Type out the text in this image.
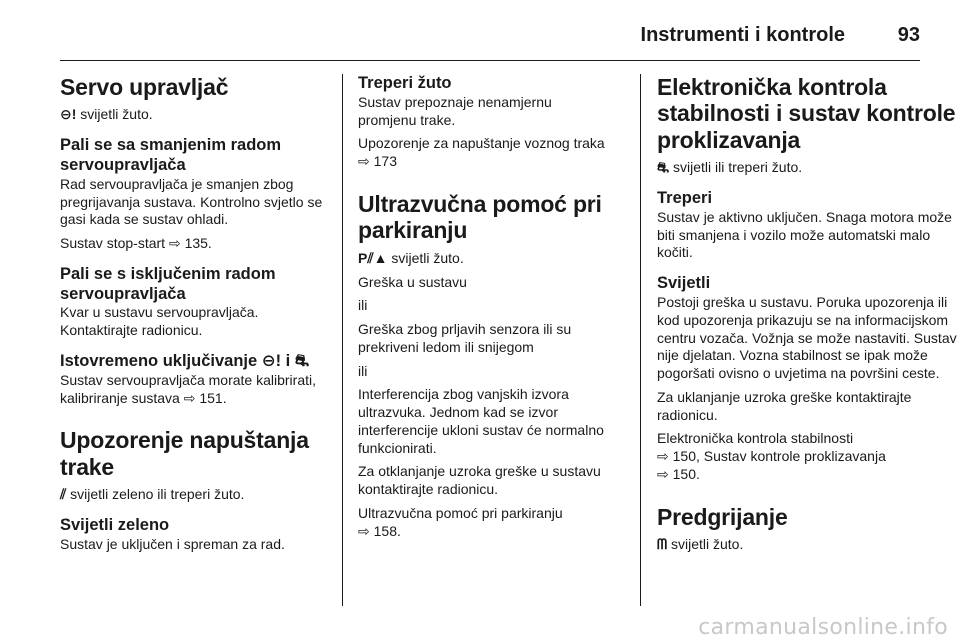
Instrumenti i kontrole	93
Servo upravljač

⊖! svijetli žuto.

Pali se sa smanjenim radom servoupravljača

Rad servoupravljača je smanjen zbog pregrijavanja sustava. Kontrolno svjetlo se gasi kada se sustav ohladi.

Sustav stop-start ⇨ 135.

Pali se s isključenim radom servoupravljača

Kvar u sustavu servoupravljača. Kontaktirajte radionicu.

Istovremeno uključivanje ⊖! i ⛐

Sustav servoupravljača morate kalibrirati, kalibriranje sustava ⇨ 151.

Upozorenje napuštanja trake

⫽ svijetli zeleno ili treperi žuto.

Svijetli zeleno

Sustav je uključen i spreman za rad.

Treperi žuto

Sustav prepoznaje nenamjernu promjenu trake.

Upozorenje za napuštanje voznog traka ⇨ 173

Ultrazvučna pomoć pri parkiranju

P⫽▲ svijetli žuto.

Greška u sustavu

ili

Greška zbog prljavih senzora ili su prekriveni ledom ili snijegom

ili

Interferencija zbog vanjskih izvora ultrazvuka. Jednom kad se izvor interferencije ukloni sustav će normalno funkcionirati.

Za otklanjanje uzroka greške u sustavu kontaktirajte radionicu.

Ultrazvučna pomoć pri parkiranju
⇨ 158.

Elektronička kontrola stabilnosti i sustav kontrole proklizavanja

⛐ svijetli ili treperi žuto.

Treperi

Sustav je aktivno uključen. Snaga motora može biti smanjena i vozilo može automatski malo kočiti.

Svijetli

Postoji greška u sustavu. Poruka upozorenja ili kod upozorenja prikazuju se na informacijskom centru vozača. Vožnja se može nastaviti. Sustav nije djelatan. Vozna stabilnost se ipak može pogoršati ovisno o uvjetima na površini ceste.

Za uklanjanje uzroka greške kontaktirajte radionicu.

Elektronička kontrola stabilnosti
⇨ 150, Sustav kontrole proklizavanja
⇨ 150.

Predgrijanje

ᗰ svijetli žuto.

carmanualsonline.info
